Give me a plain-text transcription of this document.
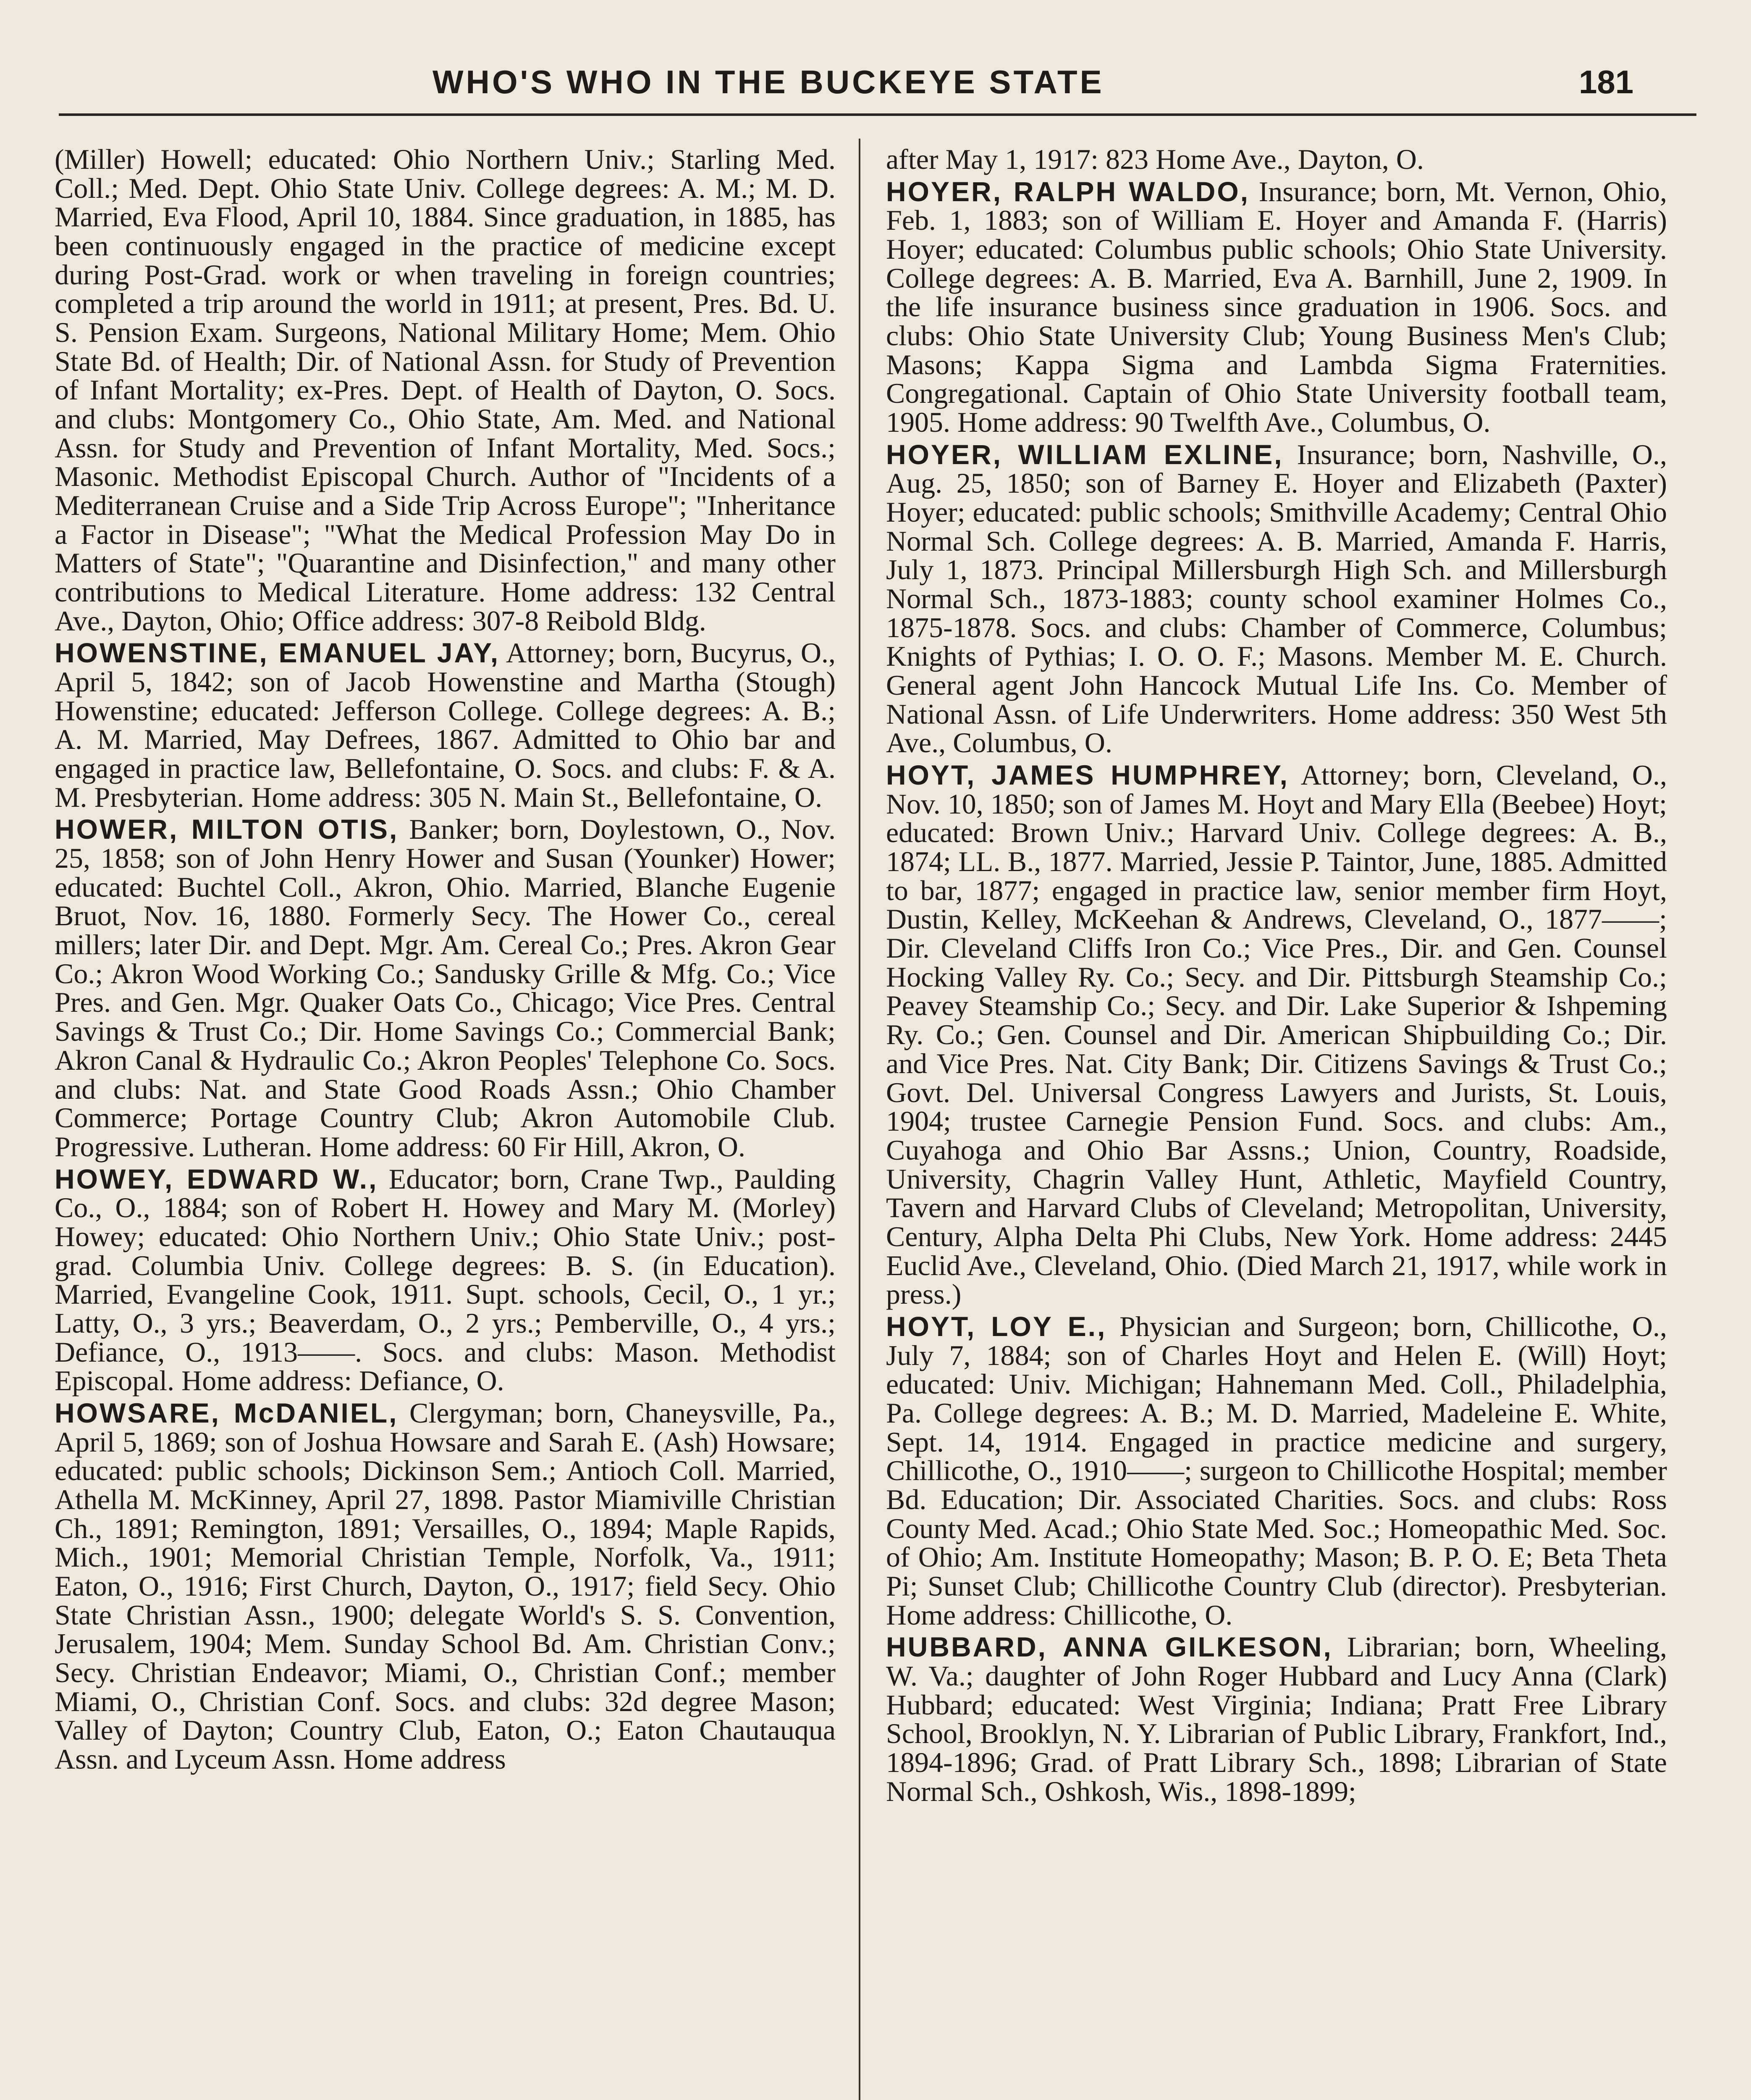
WHO'S WHO IN THE BUCKEYE STATE	181

(Miller) Howell; educated: Ohio Northern Univ.; Starling Med. Coll.; Med. Dept. Ohio State Univ. College degrees: A. M.; M. D. Married, Eva Flood, April 10, 1884. Since graduation, in 1885, has been continuously engaged in the practice of medicine except during Post-Grad. work or when traveling in foreign countries; completed a trip around the world in 1911; at present, Pres. Bd. U. S. Pension Exam. Surgeons, National Military Home; Mem. Ohio State Bd. of Health; Dir. of National Assn. for Study of Prevention of Infant Mortality; ex-Pres. Dept. of Health of Dayton, O. Socs. and clubs: Montgomery Co., Ohio State, Am. Med. and National Assn. for Study and Prevention of Infant Mortality, Med. Socs.; Masonic. Methodist Episcopal Church. Author of "Incidents of a Mediterranean Cruise and a Side Trip Across Europe"; "Inheritance a Factor in Disease"; "What the Medical Profession May Do in Matters of State"; "Quarantine and Disinfection," and many other contributions to Medical Literature. Home address: 132 Central Ave., Dayton, Ohio; Office address: 307-8 Reibold Bldg.

HOWENSTINE, EMANUEL JAY, Attorney; born, Bucyrus, O., April 5, 1842; son of Jacob Howenstine and Martha (Stough) Howenstine; educated: Jefferson College. College degrees: A. B.; A. M. Married, May Defrees, 1867. Admitted to Ohio bar and engaged in practice law, Bellefontaine, O. Socs. and clubs: F. & A. M. Presbyterian. Home address: 305 N. Main St., Bellefontaine, O.

HOWER, MILTON OTIS, Banker; born, Doylestown, O., Nov. 25, 1858; son of John Henry Hower and Susan (Younker) Hower; educated: Buchtel Coll., Akron, Ohio. Married, Blanche Eugenie Bruot, Nov. 16, 1880. Formerly Secy. The Hower Co., cereal millers; later Dir. and Dept. Mgr. Am. Cereal Co.; Pres. Akron Gear Co.; Akron Wood Working Co.; Sandusky Grille & Mfg. Co.; Vice Pres. and Gen. Mgr. Quaker Oats Co., Chicago; Vice Pres. Central Savings & Trust Co.; Dir. Home Savings Co.; Commercial Bank; Akron Canal & Hydraulic Co.; Akron Peoples' Telephone Co. Socs. and clubs: Nat. and State Good Roads Assn.; Ohio Chamber Commerce; Portage Country Club; Akron Automobile Club. Progressive. Lutheran. Home address: 60 Fir Hill, Akron, O.

HOWEY, EDWARD W., Educator; born, Crane Twp., Paulding Co., O., 1884; son of Robert H. Howey and Mary M. (Morley) Howey; educated: Ohio Northern Univ.; Ohio State Univ.; post-grad. Columbia Univ. College degrees: B. S. (in Education). Married, Evangeline Cook, 1911. Supt. schools, Cecil, O., 1 yr.; Latty, O., 3 yrs.; Beaverdam, O., 2 yrs.; Pemberville, O., 4 yrs.; Defiance, O., 1913——. Socs. and clubs: Mason. Methodist Episcopal. Home address: Defiance, O.

HOWSARE, McDANIEL, Clergyman; born, Chaneysville, Pa., April 5, 1869; son of Joshua Howsare and Sarah E. (Ash) Howsare; educated: public schools; Dickinson Sem.; Antioch Coll. Married, Athella M. McKinney, April 27, 1898. Pastor Miamiville Christian Ch., 1891; Remington, 1891; Versailles, O., 1894; Maple Rapids, Mich., 1901; Memorial Christian Temple, Norfolk, Va., 1911; Eaton, O., 1916; First Church, Dayton, O., 1917; field Secy. Ohio State Christian Assn., 1900; delegate World's S. S. Convention, Jerusalem, 1904; Mem. Sunday School Bd. Am. Christian Conv.; Secy. Christian Endeavor; Miami, O., Christian Conf.; member Miami, O., Christian Conf. Socs. and clubs: 32d degree Mason; Valley of Dayton; Country Club, Eaton, O.; Eaton Chautauqua Assn. and Lyceum Assn. Home address

after May 1, 1917: 823 Home Ave., Dayton, O.

HOYER, RALPH WALDO, Insurance; born, Mt. Vernon, Ohio, Feb. 1, 1883; son of William E. Hoyer and Amanda F. (Harris) Hoyer; educated: Columbus public schools; Ohio State University. College degrees: A. B. Married, Eva A. Barnhill, June 2, 1909. In the life insurance business since graduation in 1906. Socs. and clubs: Ohio State University Club; Young Business Men's Club; Masons; Kappa Sigma and Lambda Sigma Fraternities. Congregational. Captain of Ohio State University football team, 1905. Home address: 90 Twelfth Ave., Columbus, O.

HOYER, WILLIAM EXLINE, Insurance; born, Nashville, O., Aug. 25, 1850; son of Barney E. Hoyer and Elizabeth (Paxter) Hoyer; educated: public schools; Smithville Academy; Central Ohio Normal Sch. College degrees: A. B. Married, Amanda F. Harris, July 1, 1873. Principal Millersburgh High Sch. and Millersburgh Normal Sch., 1873-1883; county school examiner Holmes Co., 1875-1878. Socs. and clubs: Chamber of Commerce, Columbus; Knights of Pythias; I. O. O. F.; Masons. Member M. E. Church. General agent John Hancock Mutual Life Ins. Co. Member of National Assn. of Life Underwriters. Home address: 350 West 5th Ave., Columbus, O.

HOYT, JAMES HUMPHREY, Attorney; born, Cleveland, O., Nov. 10, 1850; son of James M. Hoyt and Mary Ella (Beebee) Hoyt; educated: Brown Univ.; Harvard Univ. College degrees: A. B., 1874; LL. B., 1877. Married, Jessie P. Taintor, June, 1885. Admitted to bar, 1877; engaged in practice law, senior member firm Hoyt, Dustin, Kelley, McKeehan & Andrews, Cleveland, O., 1877——; Dir. Cleveland Cliffs Iron Co.; Vice Pres., Dir. and Gen. Counsel Hocking Valley Ry. Co.; Secy. and Dir. Pittsburgh Steamship Co.; Peavey Steamship Co.; Secy. and Dir. Lake Superior & Ishpeming Ry. Co.; Gen. Counsel and Dir. American Shipbuilding Co.; Dir. and Vice Pres. Nat. City Bank; Dir. Citizens Savings & Trust Co.; Govt. Del. Universal Congress Lawyers and Jurists, St. Louis, 1904; trustee Carnegie Pension Fund. Socs. and clubs: Am., Cuyahoga and Ohio Bar Assns.; Union, Country, Roadside, University, Chagrin Valley Hunt, Athletic, Mayfield Country, Tavern and Harvard Clubs of Cleveland; Metropolitan, University, Century, Alpha Delta Phi Clubs, New York. Home address: 2445 Euclid Ave., Cleveland, Ohio. (Died March 21, 1917, while work in press.)

HOYT, LOY E., Physician and Surgeon; born, Chillicothe, O., July 7, 1884; son of Charles Hoyt and Helen E. (Will) Hoyt; educated: Univ. Michigan; Hahnemann Med. Coll., Philadelphia, Pa. College degrees: A. B.; M. D. Married, Madeleine E. White, Sept. 14, 1914. Engaged in practice medicine and surgery, Chillicothe, O., 1910——; surgeon to Chillicothe Hospital; member Bd. Education; Dir. Associated Charities. Socs. and clubs: Ross County Med. Acad.; Ohio State Med. Soc.; Homeopathic Med. Soc. of Ohio; Am. Institute Homeopathy; Mason; B. P. O. E; Beta Theta Pi; Sunset Club; Chillicothe Country Club (director). Presbyterian. Home address: Chillicothe, O.

HUBBARD, ANNA GILKESON, Librarian; born, Wheeling, W. Va.; daughter of John Roger Hubbard and Lucy Anna (Clark) Hubbard; educated: West Virginia; Indiana; Pratt Free Library School, Brooklyn, N. Y. Librarian of Public Library, Frankfort, Ind., 1894-1896; Grad. of Pratt Library Sch., 1898; Librarian of State Normal Sch., Oshkosh, Wis., 1898-1899;
